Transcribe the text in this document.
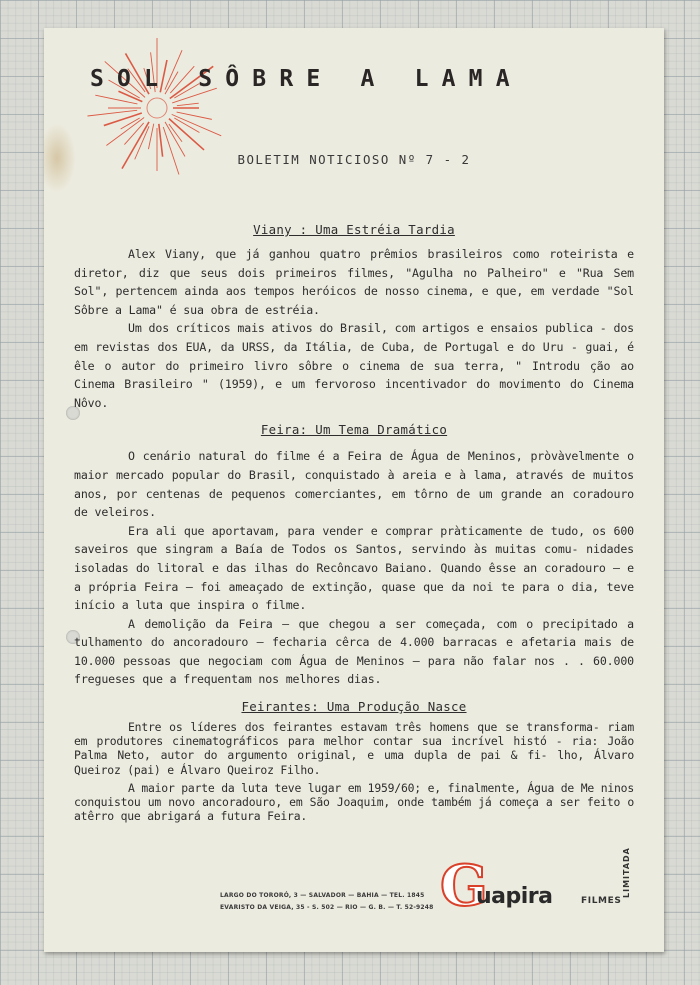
SOL SÔBRE A LAMA
BOLETIM NOTICIOSO Nº 7 - 2
Viany : Uma Estréia Tardia

Alex Viany, que já ganhou quatro prêmios brasileiros como roteirista e diretor, diz que seus dois primeiros filmes, "Agulha no Palheiro" e "Rua Sem Sol", pertencem ainda aos tempos heróicos de nosso cinema, e que, em verdade "Sol Sôbre a Lama" é sua obra de estréia.

Um dos críticos mais ativos do Brasil, com artigos e ensaios publica - dos em revistas dos EUA, da URSS, da Itália, de Cuba, de Portugal e do Uru - guai, é êle o autor do primeiro livro sôbre o cinema de sua terra, " Introdu ção ao Cinema Brasileiro " (1959), e um fervoroso incentivador do movimento do Cinema Nôvo.

Feira: Um Tema Dramático

O cenário natural do filme é a Feira de Água de Meninos, pròvàvelmente o maior mercado popular do Brasil, conquistado à areia e à lama, através de muitos anos, por centenas de pequenos comerciantes, em tôrno de um grande an coradouro de veleiros.

Era ali que aportavam, para vender e comprar pràticamente de tudo, os 600 saveiros que singram a Baía de Todos os Santos, servindo às muitas comu- nidades isoladas do litoral e das ilhas do Recôncavo Baiano. Quando êsse an coradouro — e a própria Feira — foi ameaçado de extinção, quase que da noi te para o dia, teve início a luta que inspira o filme.

A demolição da Feira — que chegou a ser começada, com o precipitado a tulhamento do ancoradouro — fecharia cêrca de 4.000 barracas e afetaria mais de 10.000 pessoas que negociam com Água de Meninos — para não falar nos . . 60.000 fregueses que a frequentam nos melhores dias.

Feirantes: Uma Produção Nasce

Entre os líderes dos feirantes estavam três homens que se transforma- riam em produtores cinematográficos para melhor contar sua incrível histó - ria: João Palma Neto, autor do argumento original, e uma dupla de pai & fi- lho, Álvaro Queiroz (pai) e Álvaro Queiroz Filho.

A maior parte da luta teve lugar em 1959/60; e, finalmente, Água de Me ninos conquistou um novo ancoradouro, em São Joaquim, onde também já começa a ser feito o atêrro que abrigará a futura Feira.

LARGO DO TORORÓ, 3 — SALVADOR — BAHIA — TEL. 1845
EVARISTO DA VEIGA, 35 - S. 502 — RIO — G. B. — T. 52-9248 G
uapira	FILMES
LIMITADA
